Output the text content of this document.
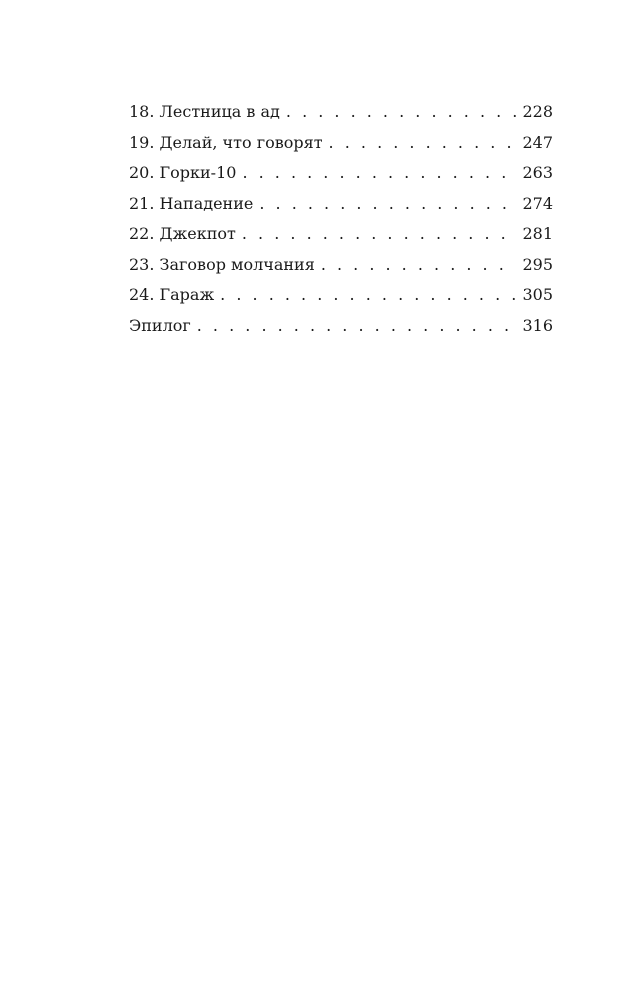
18. Лестница в ад . . .	228
19. Делай, что говорят . . .	247
20. Горки-10 . . .	263
21. Нападение . . .	274
22. Джекпот . . .	281
23. Заговор молчания . . .	295
24. Гараж . . .	305
Эпилог . . .	316
